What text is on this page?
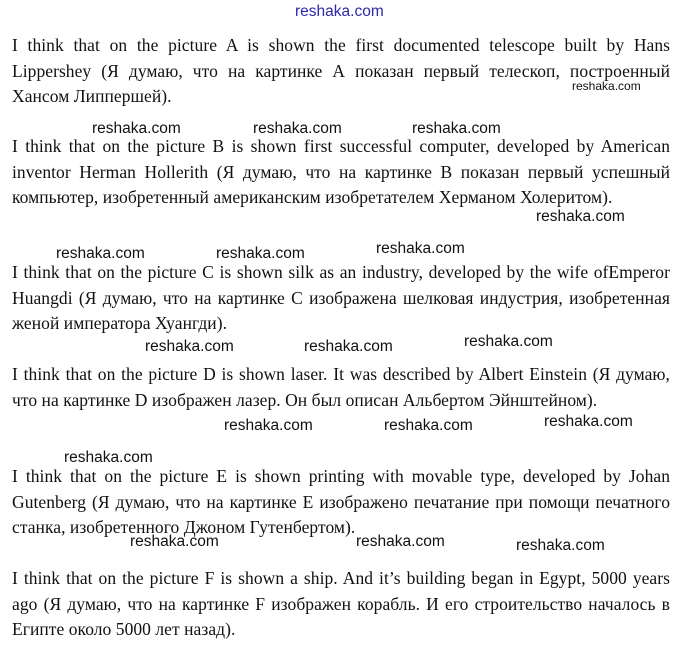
reshaka.com
I think that on the picture A is shown the first documented telescope built by Hans Lippershey (Я думаю, что на картинке А показан первый телескоп, построенный Хансом Липпершей).
I think that on the picture B is shown first successful computer, developed by American inventor Herman Hollerith (Я думаю, что на картинке В показан первый успешный компьютер, изобретенный американским изобретателем Херманом Холеритом).
I think that on the picture C is shown silk as an industry, developed by the wife ofEmperor Huangdi (Я думаю, что на картинке С изображена шелковая индустрия, изобретенная женой императора Хуангди).
I think that on the picture D is shown laser. It was described by Albert Einstein (Я думаю, что на картинке D изображен лазер. Он был описан Альбертом Эйнштейном).
I think that on the picture E is shown printing with movable type, developed by Johan Gutenberg (Я думаю, что на картинке Е изображено печатание при помощи печатного станка, изобретенного Джоном Гутенбертом).
I think that on the picture F is shown a ship. And it’s building began in Egypt, 5000 years ago (Я думаю, что на картинке F изображен корабль. И его строительство началось в Египте около 5000 лет назад).
reshaka.com
reshaka.com	reshaka.com	reshaka.com
reshaka.com
reshaka.com	reshaka.com	reshaka.com
reshaka.com	reshaka.com	reshaka.com
reshaka.com	reshaka.com	reshaka.com
reshaka.com
reshaka.com	reshaka.com	reshaka.com
